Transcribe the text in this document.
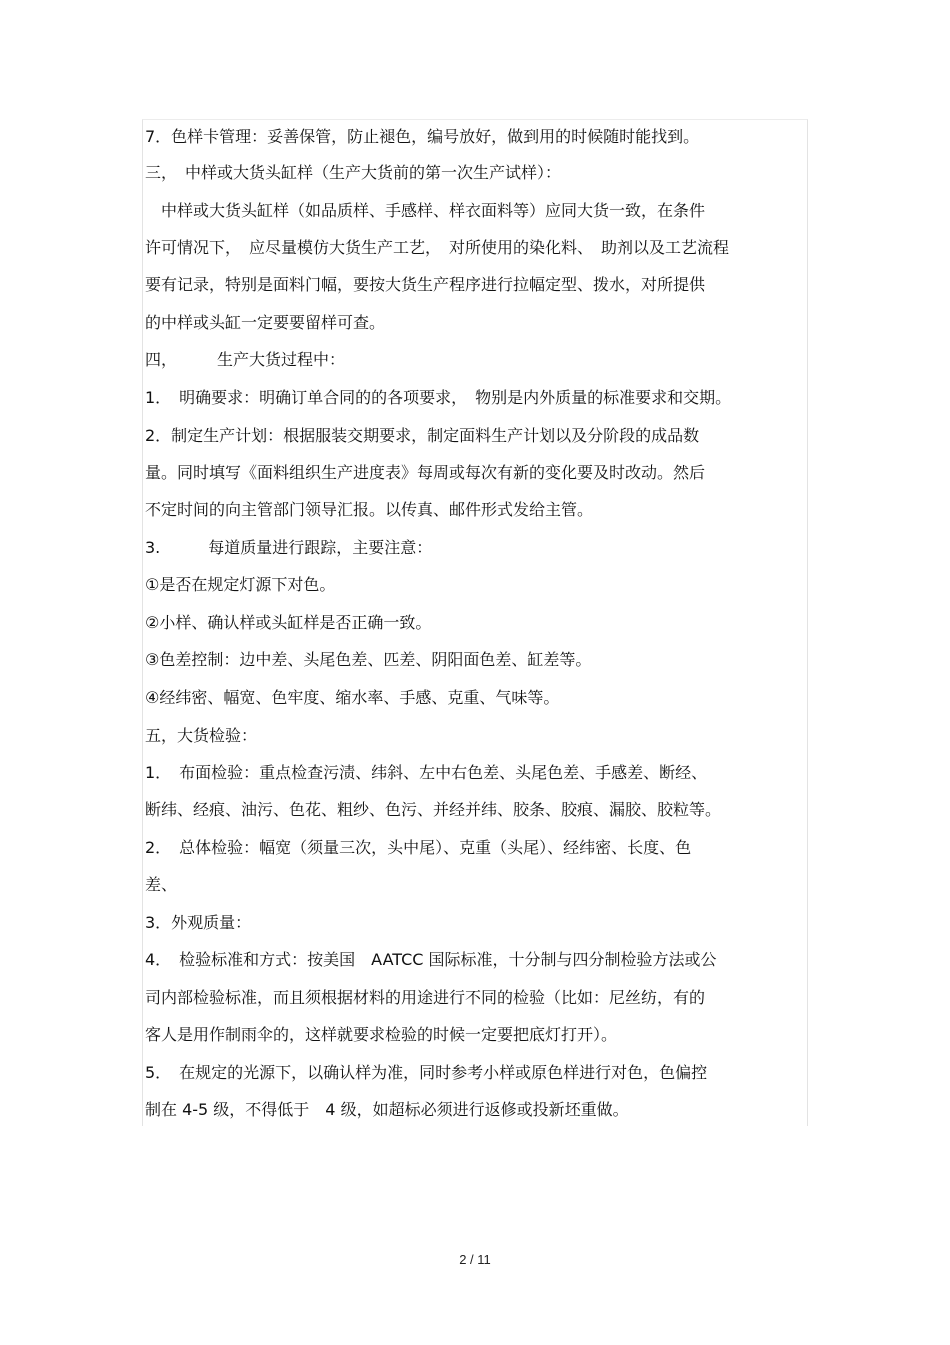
7．色样卡管理：妥善保管，防止褪色，编号放好，做到用的时候随时能找到。
三，　中样或大货头缸样（生产大货前的第一次生产试样）：
　中样或大货头缸样（如品质样、手感样、样衣面料等）应同大货一致，在条件
许可情况下，　应尽量模仿大货生产工艺，　对所使用的染化料、　助剂以及工艺流程
要有记录，特别是面料门幅，要按大货生产程序进行拉幅定型、拨水，对所提供
的中样或头缸一定要要留样可查。
四，　　　生产大货过程中：
1．　明确要求：明确订单合同的的各项要求，　物别是内外质量的标准要求和交期。
2．制定生产计划：根据服装交期要求，制定面料生产计划以及分阶段的成品数
量。同时填写《面料组织生产进度表》每周或每次有新的变化要及时改动。然后
不定时间的向主管部门领导汇报。以传真、邮件形式发给主管。
3.　　　每道质量进行跟踪，主要注意：
①是否在规定灯源下对色。
②小样、确认样或头缸样是否正确一致。
③色差控制：边中差、头尾色差、匹差、阴阳面色差、缸差等。
④经纬密、幅宽、色牢度、缩水率、手感、克重、气味等。
五，大货检验：
1．　布面检验：重点检查污渍、纬斜、左中右色差、头尾色差、手感差、断经、
断纬、经痕、油污、色花、粗纱、色污、并经并纬、胶条、胶痕、漏胶、胶粒等。
2．　总体检验：幅宽（须量三次，头中尾）、克重（头尾）、经纬密、长度、色
差、
3．外观质量：
4．　检验标准和方式：按美国　AATCC 国际标准，十分制与四分制检验方法或公
司内部检验标准，而且须根据材料的用途进行不同的检验（比如：尼丝纺，有的
客人是用作制雨伞的，这样就要求检验的时候一定要把底灯打开）。
5．　在规定的光源下，以确认样为准，同时参考小样或原色样进行对色，色偏控
制在 4-5 级，不得低于　4 级，如超标必须进行返修或投新坯重做。
2 / 11
